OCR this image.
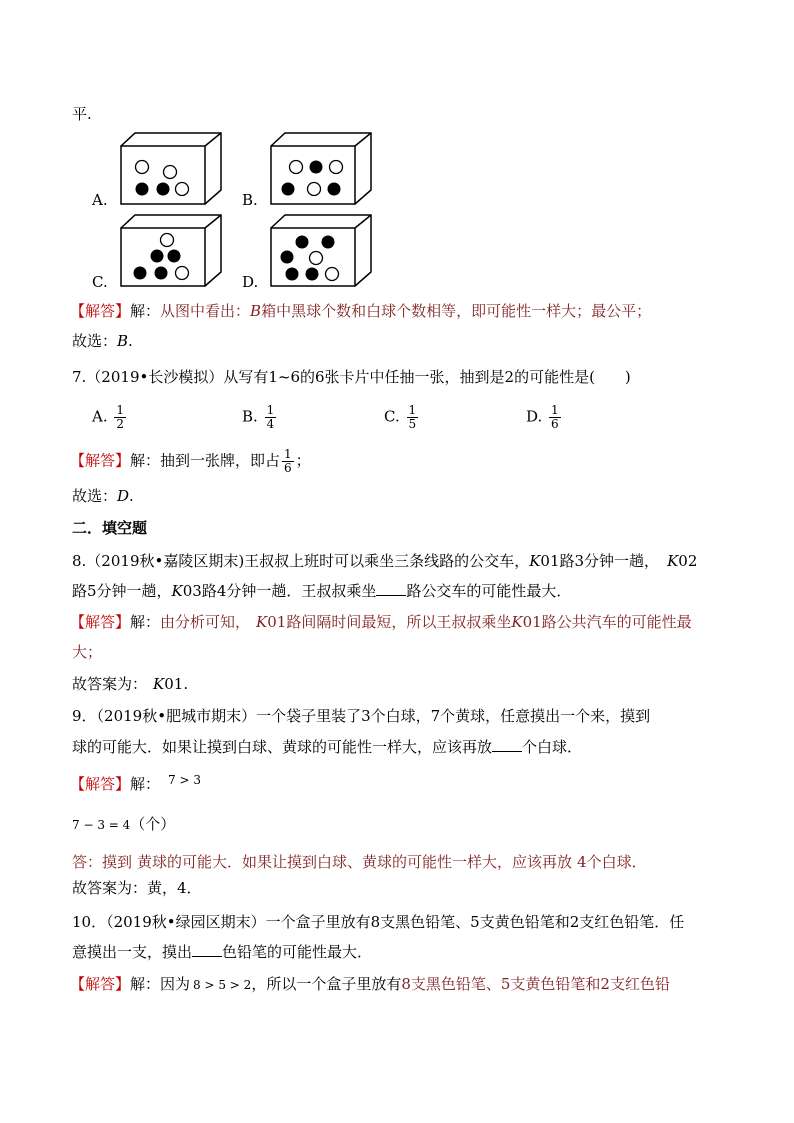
平.
A.	B.
C.	D.
【解答】解：从图中看出：B箱中黑球个数和白球个数相等，即可能性一样大；最公平；
故选：B.
7.（2019•长沙模拟）从写有1~6的6张卡片中任抽一张，抽到是2的可能性是(　　)
A. $\frac{1}{2}$	B. $\frac{1}{4}$	C. $\frac{1}{5}$	D. $\frac{1}{6}$
【解答】解：抽到一张牌，即占 $\frac{1}{6}$ ；
故选：D.
二．填空题
8.（2019秋•嘉陵区期末)王叔叔上班时可以乘坐三条线路的公交车，K01路3分钟一趟， K02
路5分钟一趟，K03路4分钟一趟．王叔叔乘坐 路公交车的可能性最大．
【解答】解：由分析可知， K01路间隔时间最短，所以王叔叔乘坐K01路公共汽车的可能性最
大；
故答案为： K01.
9．（2019秋•肥城市期末）一个袋子里装了3个白球，7个黄球，任意摸出一个来，摸到
球的可能大．如果让摸到白球、黄球的可能性一样大，应该再放 个白球．
【解答】解： $^{7 > 3}$
7 − 3 = 4（个）
答：摸到 黄球的可能大．如果让摸到白球、黄球的可能性一样大，应该再放 4个白球．
故答案为：黄，4．
10．（2019秋•绿园区期末）一个盒子里放有8支黑色铅笔、5支黄色铅笔和2支红色铅笔．任
意摸出一支，摸出 色铅笔的可能性最大．
【解答】解：因为 8 > 5 > 2，所以一个盒子里放有8支黑色铅笔、5支黄色铅笔和2支红色铅
